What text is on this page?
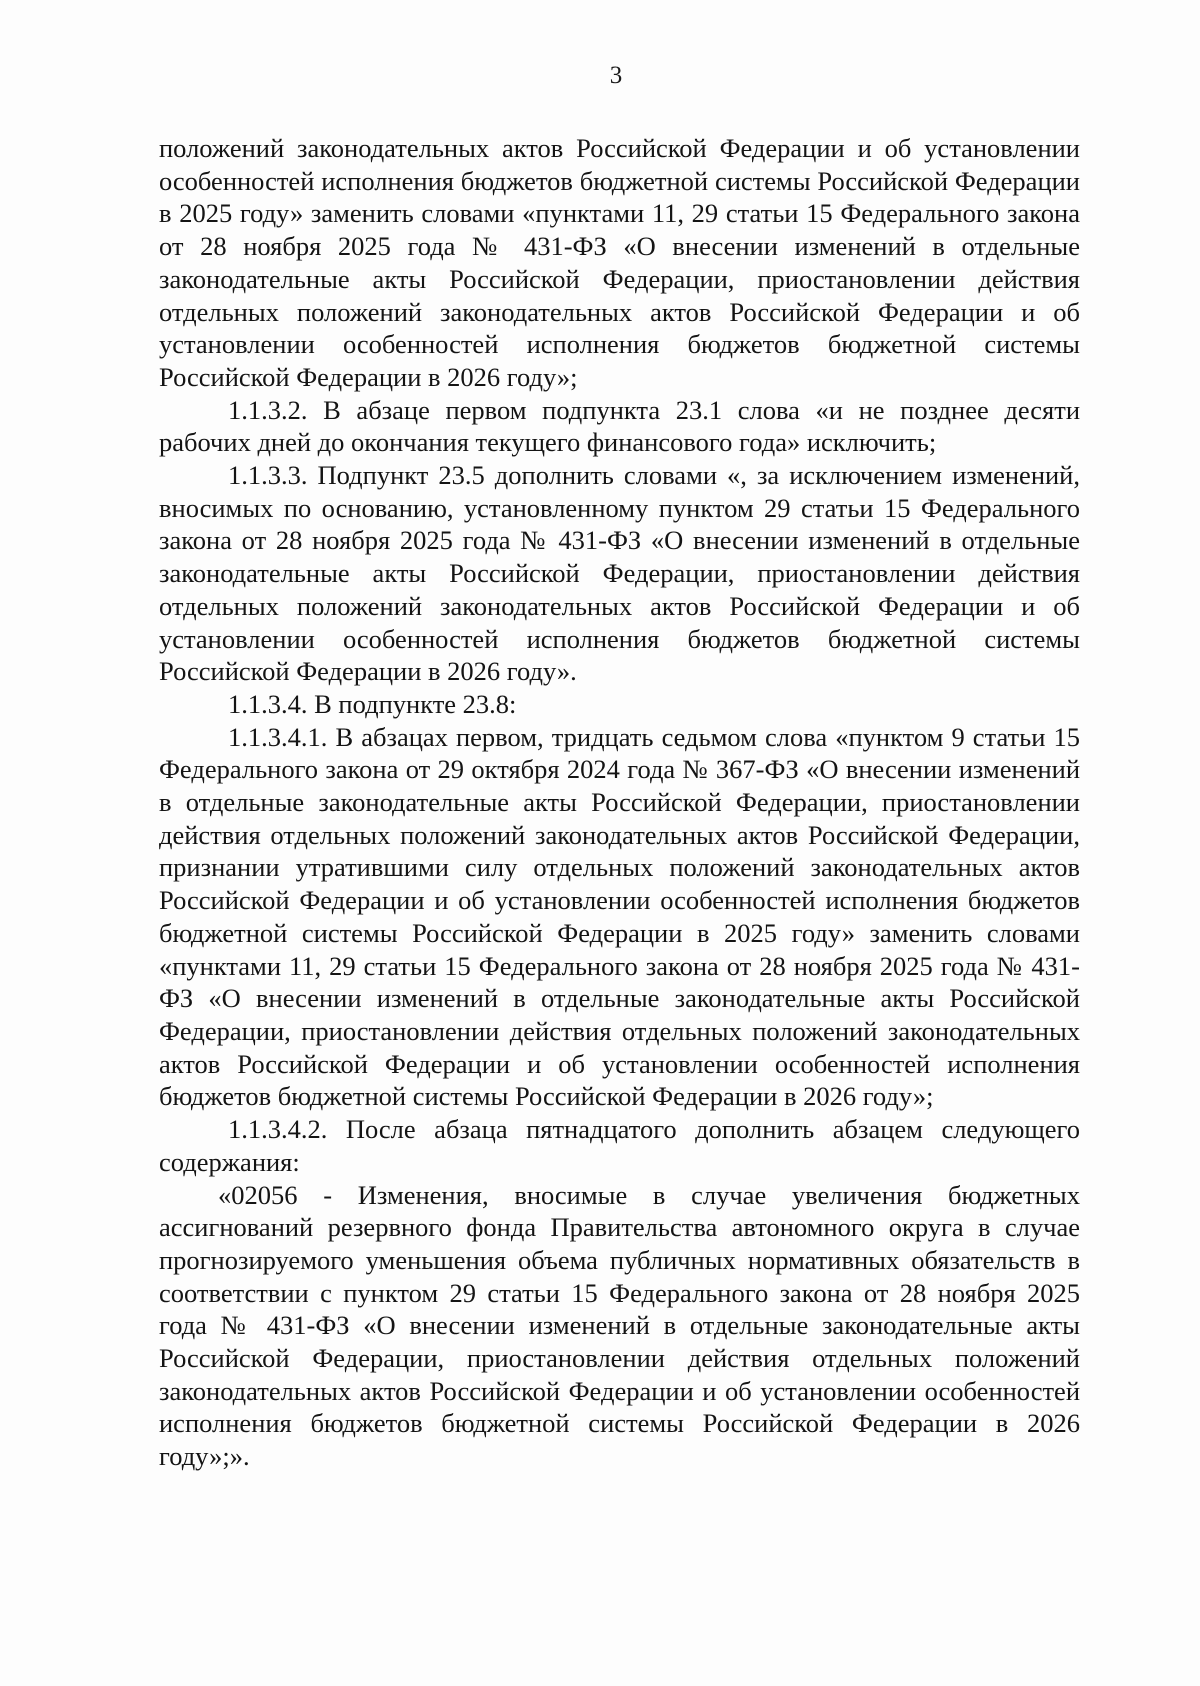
3

положений законодательных актов Российской Федерации и об установлении особенностей исполнения бюджетов бюджетной системы Российской Федерации в 2025 году» заменить словами «пунктами 11, 29 статьи 15 Федерального закона от 28 ноября 2025 года № 431-ФЗ «О внесении изменений в отдельные законодательные акты Российской Федерации, приостановлении действия отдельных положений законодательных актов Российской Федерации и об установлении особенностей исполнения бюджетов бюджетной системы Российской Федерации в 2026 году»;

1.1.3.2. В абзаце первом подпункта 23.1 слова «и не позднее десяти рабочих дней до окончания текущего финансового года» исключить;

1.1.3.3. Подпункт 23.5 дополнить словами «, за исключением изменений, вносимых по основанию, установленному пунктом 29 статьи 15 Федерального закона от 28 ноября 2025 года № 431-ФЗ «О внесении изменений в отдельные законодательные акты Российской Федерации, приостановлении действия отдельных положений законодательных актов Российской Федерации и об установлении особенностей исполнения бюджетов бюджетной системы Российской Федерации в 2026 году».

1.1.3.4. В подпункте 23.8:

1.1.3.4.1. В абзацах первом, тридцать седьмом слова «пунктом 9 статьи 15 Федерального закона от 29 октября 2024 года № 367-ФЗ «О внесении изменений в отдельные законодательные акты Российской Федерации, приостановлении действия отдельных положений законодательных актов Российской Федерации, признании утратившими силу отдельных положений законодательных актов Российской Федерации и об установлении особенностей исполнения бюджетов бюджетной системы Российской Федерации в 2025 году» заменить словами «пунктами 11, 29 статьи 15 Федерального закона от 28 ноября 2025 года № 431-ФЗ «О внесении изменений в отдельные законодательные акты Российской Федерации, приостановлении действия отдельных положений законодательных актов Российской Федерации и об установлении особенностей исполнения бюджетов бюджетной системы Российской Федерации в 2026 году»;

1.1.3.4.2. После абзаца пятнадцатого дополнить абзацем следующего содержания:

«02056 - Изменения, вносимые в случае увеличения бюджетных ассигнований резервного фонда Правительства автономного округа в случае прогнозируемого уменьшения объема публичных нормативных обязательств в соответствии с пунктом 29 статьи 15 Федерального закона от 28 ноября 2025 года № 431-ФЗ «О внесении изменений в отдельные законодательные акты Российской Федерации, приостановлении действия отдельных положений законодательных актов Российской Федерации и об установлении особенностей исполнения бюджетов бюджетной системы Российской Федерации в 2026 году»;».
